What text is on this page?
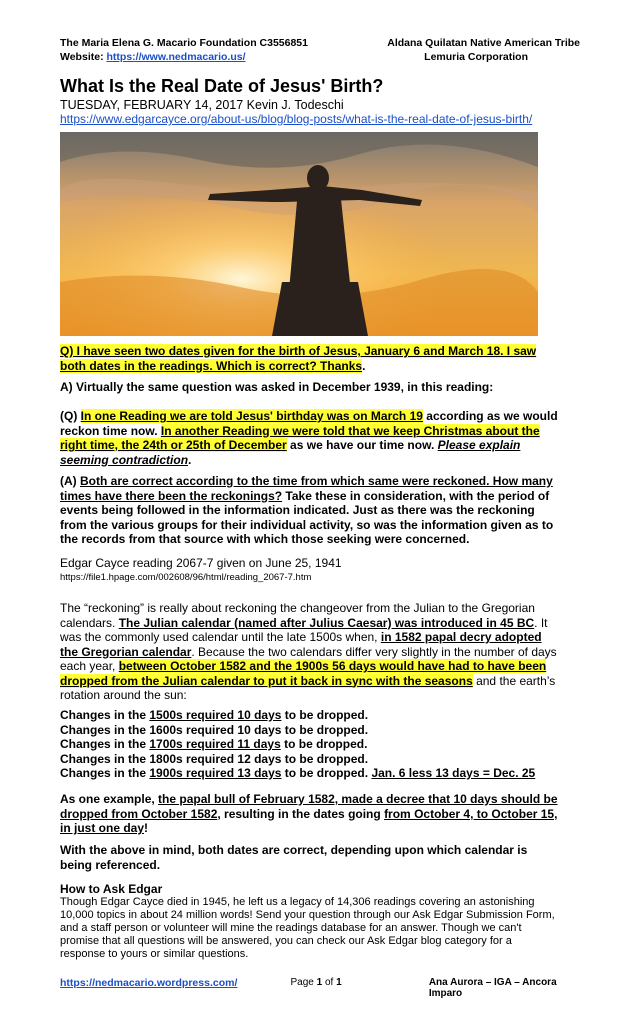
The Maria Elena G. Macario Foundation C3556851	Aldana Quilatan Native American Tribe
Website: https://www.nedmacario.us/	Lemuria Corporation
What Is the Real Date of Jesus' Birth?
TUESDAY, FEBRUARY 14, 2017 Kevin J. Todeschi
https://www.edgarcayce.org/about-us/blog/blog-posts/what-is-the-real-date-of-jesus-birth/
Q) I have seen two dates given for the birth of Jesus, January 6 and March 18. I saw both dates in the readings. Which is correct? Thanks.
A) Virtually the same question was asked in December 1939, in this reading:
(Q) In one Reading we are told Jesus' birthday was on March 19 according as we would reckon time now. In another Reading we were told that we keep Christmas about the right time, the 24th or 25th of December as we have our time now. Please explain seeming contradiction.
(A) Both are correct according to the time from which same were reckoned. How many times have there been the reckonings? Take these in consideration, with the period of events being followed in the information indicated. Just as there was the reckoning from the various groups for their individual activity, so was the information given as to the records from that source with which those seeking were concerned.
Edgar Cayce reading 2067-7 given on June 25, 1941
https://file1.hpage.com/002608/96/html/reading_2067-7.htm
The “reckoning” is really about reckoning the changeover from the Julian to the Gregorian calendars. The Julian calendar (named after Julius Caesar) was introduced in 45 BC. It was the commonly used calendar until the late 1500s when, in 1582 papal decry adopted the Gregorian calendar. Because the two calendars differ very slightly in the number of days each year, between October 1582 and the 1900s 56 days would have had to have been dropped from the Julian calendar to put it back in sync with the seasons and the earth’s rotation around the sun:
Changes in the 1500s required 10 days to be dropped.
Changes in the 1600s required 10 days to be dropped.
Changes in the 1700s required 11 days to be dropped.
Changes in the 1800s required 12 days to be dropped.
Changes in the 1900s required 13 days to be dropped. Jan. 6 less 13 days = Dec. 25
As one example, the papal bull of February 1582, made a decree that 10 days should be dropped from October 1582, resulting in the dates going from October 4, to October 15, in just one day!
With the above in mind, both dates are correct, depending upon which calendar is being referenced.
How to Ask Edgar
Though Edgar Cayce died in 1945, he left us a legacy of 14,306 readings covering an astonishing 10,000 topics in about 24 million words! Send your question through our Ask Edgar Submission Form, and a staff person or volunteer will mine the readings database for an answer. Though we can't promise that all questions will be answered, you can check our Ask Edgar blog category for a response to yours or similar questions.
https://nedmacario.wordpress.com/	Page 1 of 1	Ana Aurora – IGA – Ancora Imparo
